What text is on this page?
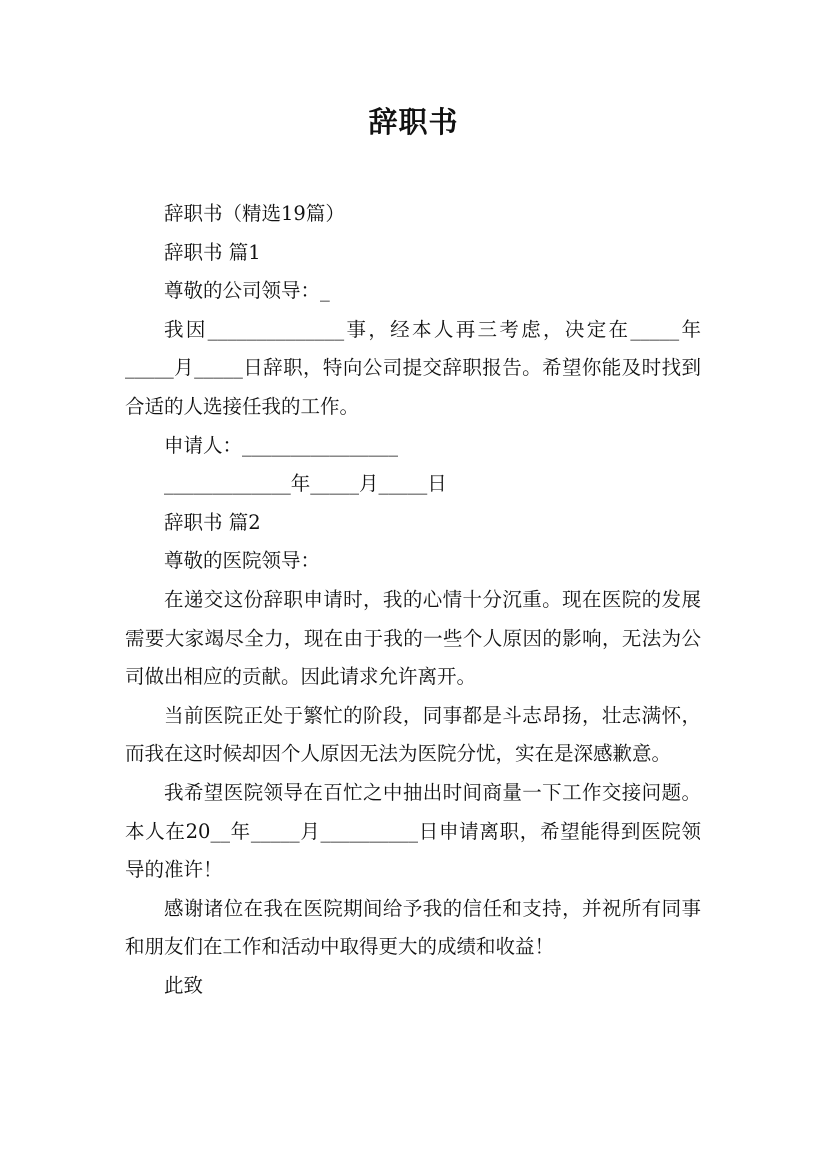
辞职书

辞职书（精选19篇）

辞职书 篇1

尊敬的公司领导：_

我因______________事，经本人再三考虑，决定在_____年_____月_____日辞职，特向公司提交辞职报告。希望你能及时找到合适的人选接任我的工作。

申请人：________________

_____________年_____月_____日

辞职书 篇2

尊敬的医院领导：

在递交这份辞职申请时，我的心情十分沉重。现在医院的发展需要大家竭尽全力，现在由于我的一些个人原因的影响，无法为公司做出相应的贡献。因此请求允许离开。

当前医院正处于繁忙的阶段，同事都是斗志昂扬，壮志满怀，而我在这时候却因个人原因无法为医院分忧，实在是深感歉意。

我希望医院领导在百忙之中抽出时间商量一下工作交接问题。本人在20__年_____月__________日申请离职，希望能得到医院领导的准许！

感谢诸位在我在医院期间给予我的信任和支持，并祝所有同事和朋友们在工作和活动中取得更大的成绩和收益！

此致
